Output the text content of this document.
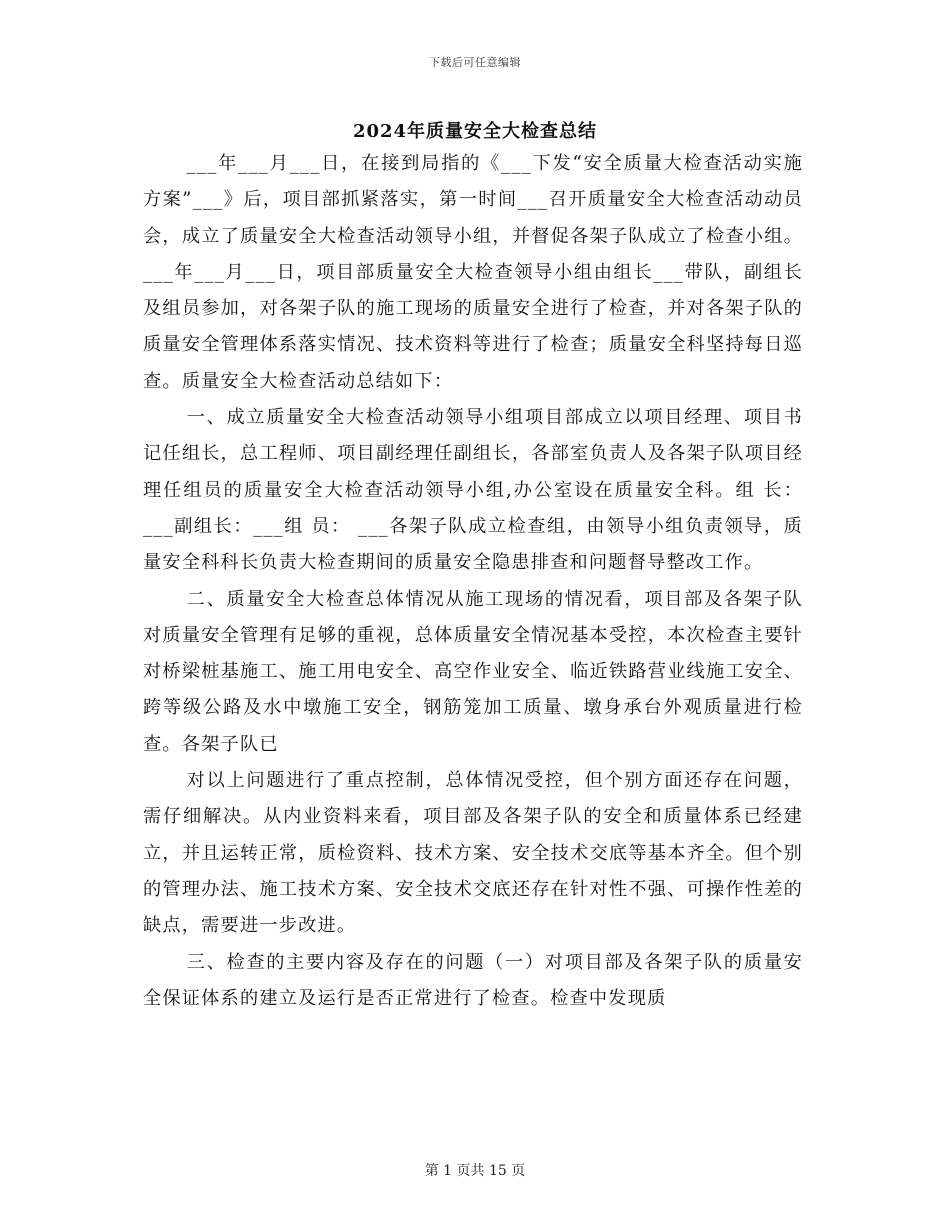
下载后可任意编辑
2024年质量安全大检查总结

___年___月___日，在接到局指的《___下发“安全质量大检查活动实施方案”___》后，项目部抓紧落实，第一时间___召开质量安全大检查活动动员会，成立了质量安全大检查活动领导小组，并督促各架子队成立了检查小组。___年___月___日，项目部质量安全大检查领导小组由组长___带队，副组长及组员参加，对各架子队的施工现场的质量安全进行了检查，并对各架子队的质量安全管理体系落实情况、技术资料等进行了检查；质量安全科坚持每日巡查。质量安全大检查活动总结如下：

一、成立质量安全大检查活动领导小组项目部成立以项目经理、项目书记任组长，总工程师、项目副经理任副组长，各部室负责人及各架子队项目经理任组员的质量安全大检查活动领导小组,办公室设在质量安全科。组 长：___副组长：___组 员： ___各架子队成立检查组，由领导小组负责领导，质量安全科科长负责大检查期间的质量安全隐患排查和问题督导整改工作。

二、质量安全大检查总体情况从施工现场的情况看，项目部及各架子队对质量安全管理有足够的重视，总体质量安全情况基本受控，本次检查主要针对桥梁桩基施工、施工用电安全、高空作业安全、临近铁路营业线施工安全、跨等级公路及水中墩施工安全，钢筋笼加工质量、墩身承台外观质量进行检查。各架子队已

对以上问题进行了重点控制，总体情况受控，但个别方面还存在问题，需仔细解决。从内业资料来看，项目部及各架子队的安全和质量体系已经建立，并且运转正常，质检资料、技术方案、安全技术交底等基本齐全。但个别的管理办法、施工技术方案、安全技术交底还存在针对性不强、可操作性差的缺点，需要进一步改进。

三、检查的主要内容及存在的问题（一）对项目部及各架子队的质量安全保证体系的建立及运行是否正常进行了检查。检查中发现质

第 1 页共 15 页
